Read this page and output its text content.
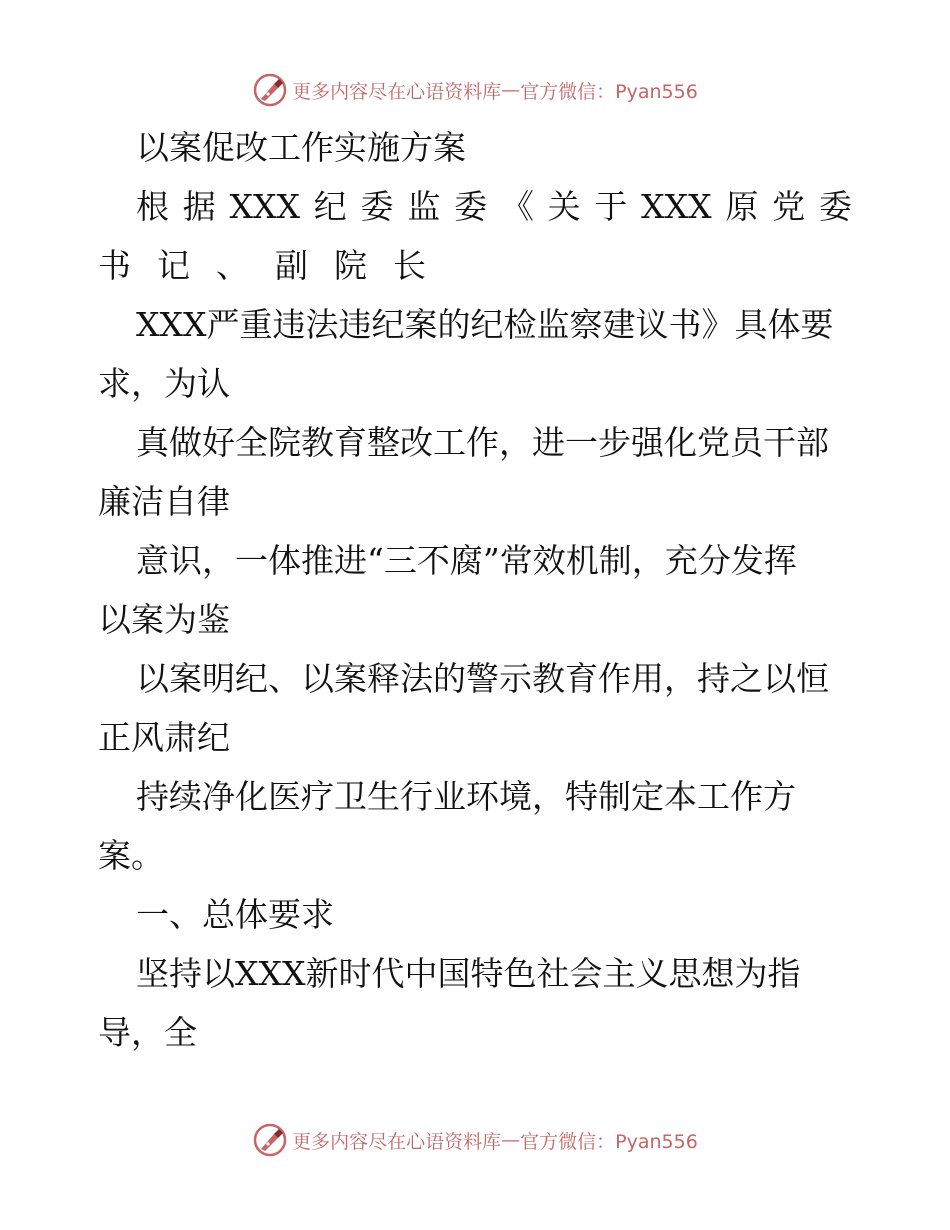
更多内容尽在心语资料库 — 官方微信：Pyan556
以案促改工作实施方案
根 据 XXX 纪 委 监 委 《 关 于 XXX 原 党 委
书记、副院长
XXX严重违法违纪案的纪检监察建议书》具体要
求，为认
真做好全院教育整改工作，进一步强化党员干部
廉洁自律
意识，一体推进“三不腐”常效机制，充分发挥
以案为鉴
以案明纪、以案释法的警示教育作用，持之以恒
正风肃纪
持续净化医疗卫生行业环境，特制定本工作方
案。
一、总体要求
坚持以XXX新时代中国特色社会主义思想为指
导，全
更多内容尽在心语资料库 — 官方微信：Pyan556
